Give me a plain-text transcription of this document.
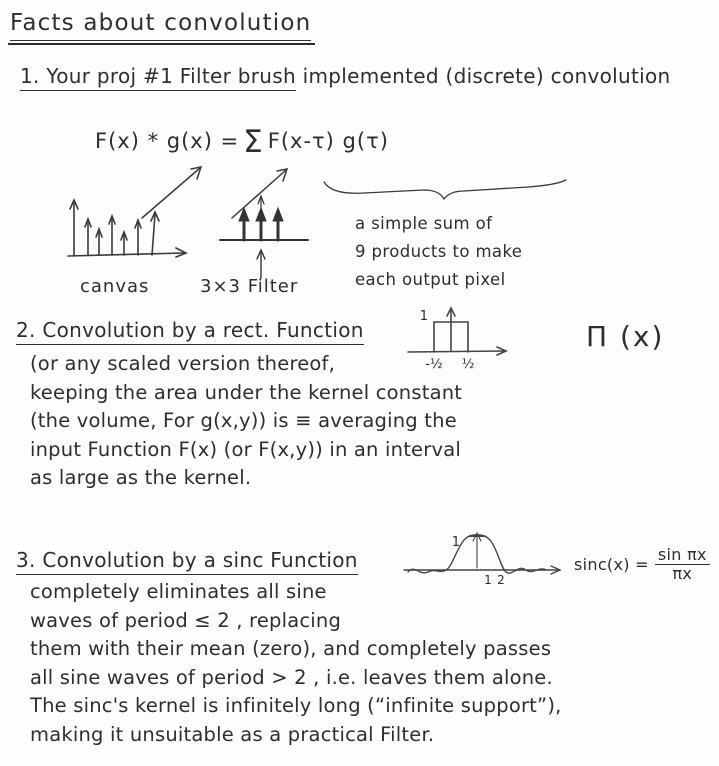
Facts about convolution
1. Your proj #1 Filter brush implemented (discrete) convolution
F(x) * g(x) = Σ F(x-τ) g(τ)
a simple sum of
9 products to make
each output pixel
canvas	3×3 Filter
2. Convolution by a rect. Function
1
-½ ½
Π (x)
(or any scaled version thereof,
keeping the area under the kernel constant
(the volume, For g(x,y)) is ≡ averaging the
input Function F(x) (or F(x,y)) in an interval
as large as the kernel.
3. Convolution by a sinc Function
1
1 2
$\sin c(x) = \frac{\text{sin πx}}{\pi x}$
completely eliminates all sine
waves of period ≤ 2 , replacing
them with their mean (zero), and completely passes
all sine waves of period > 2 , i.e. leaves them alone.
The sinc's kernel is infinitely long (“infinite support”),
making it unsuitable as a practical Filter.
